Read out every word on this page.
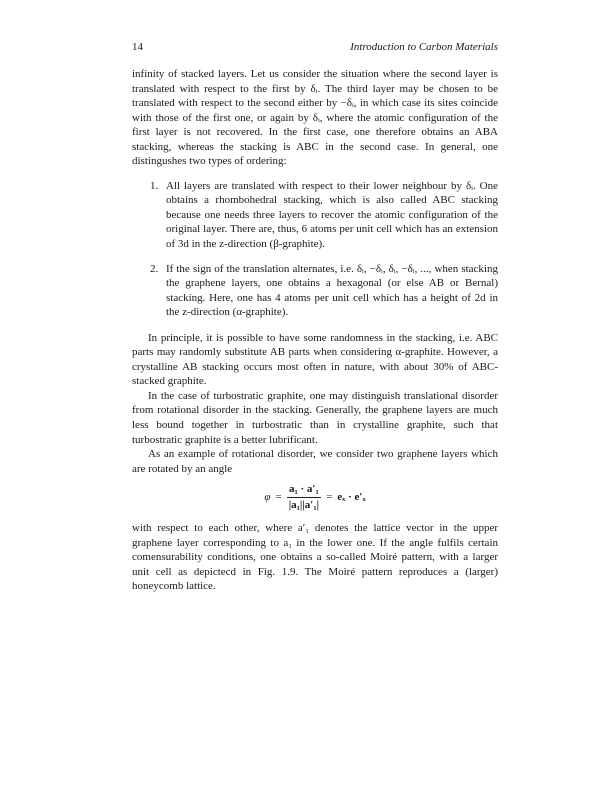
14	Introduction to Carbon Materials

infinity of stacked layers. Let us consider the situation where the second layer is translated with respect to the first by δᵢ. The third layer may be chosen to be translated with respect to the second either by −δᵢ, in which case its sites coincide with those of the first one, or again by δᵢ, where the atomic configuration of the first layer is not recovered. In the first case, one therefore obtains an ABA stacking, whereas the stacking is ABC in the second case. In general, one distingushes two types of ordering:

1. All layers are translated with respect to their lower neighbour by δᵢ. One obtains a rhombohedral stacking, which is also called ABC stacking because one needs three layers to recover the atomic configuration of the original layer. There are, thus, 6 atoms per unit cell which has an extension of 3d in the z-direction (β-graphite).
2. If the sign of the translation alternates, i.e. δᵢ, −δᵢ, δᵢ, −δᵢ, ..., when stacking the graphene layers, one obtains a hexagonal (or else AB or Bernal) stacking. Here, one has 4 atoms per unit cell which has a height of 2d in the z-direction (α-graphite).

In principle, it is possible to have some randomness in the stacking, i.e. ABC parts may randomly substitute AB parts when considering α-graphite. However, a crystalline AB stacking occurs most often in nature, with about 30% of ABC-stacked graphite.

In the case of turbostratic graphite, one may distinguish translational disorder from rotational disorder in the stacking. Generally, the graphene layers are much less bound together in turbostratic than in crystalline graphite, such that turbostratic graphite is a better lubrificant.

As an example of rotational disorder, we consider two graphene layers which are rotated by an angle

$\varphi = \frac{\text{a₁ · a′₁}}{\text{|a₁||a′₁|}} = e_x \cdot e'_x$

with respect to each other, where a′₁ denotes the lattice vector in the upper graphene layer corresponding to a₁ in the lower one. If the angle fulfils certain comensurability conditions, one obtains a so-called Moiré pattern, with a larger unit cell as depictecd in Fig. 1.9. The Moiré pattern reproduces a (larger) honeycomb lattice.
